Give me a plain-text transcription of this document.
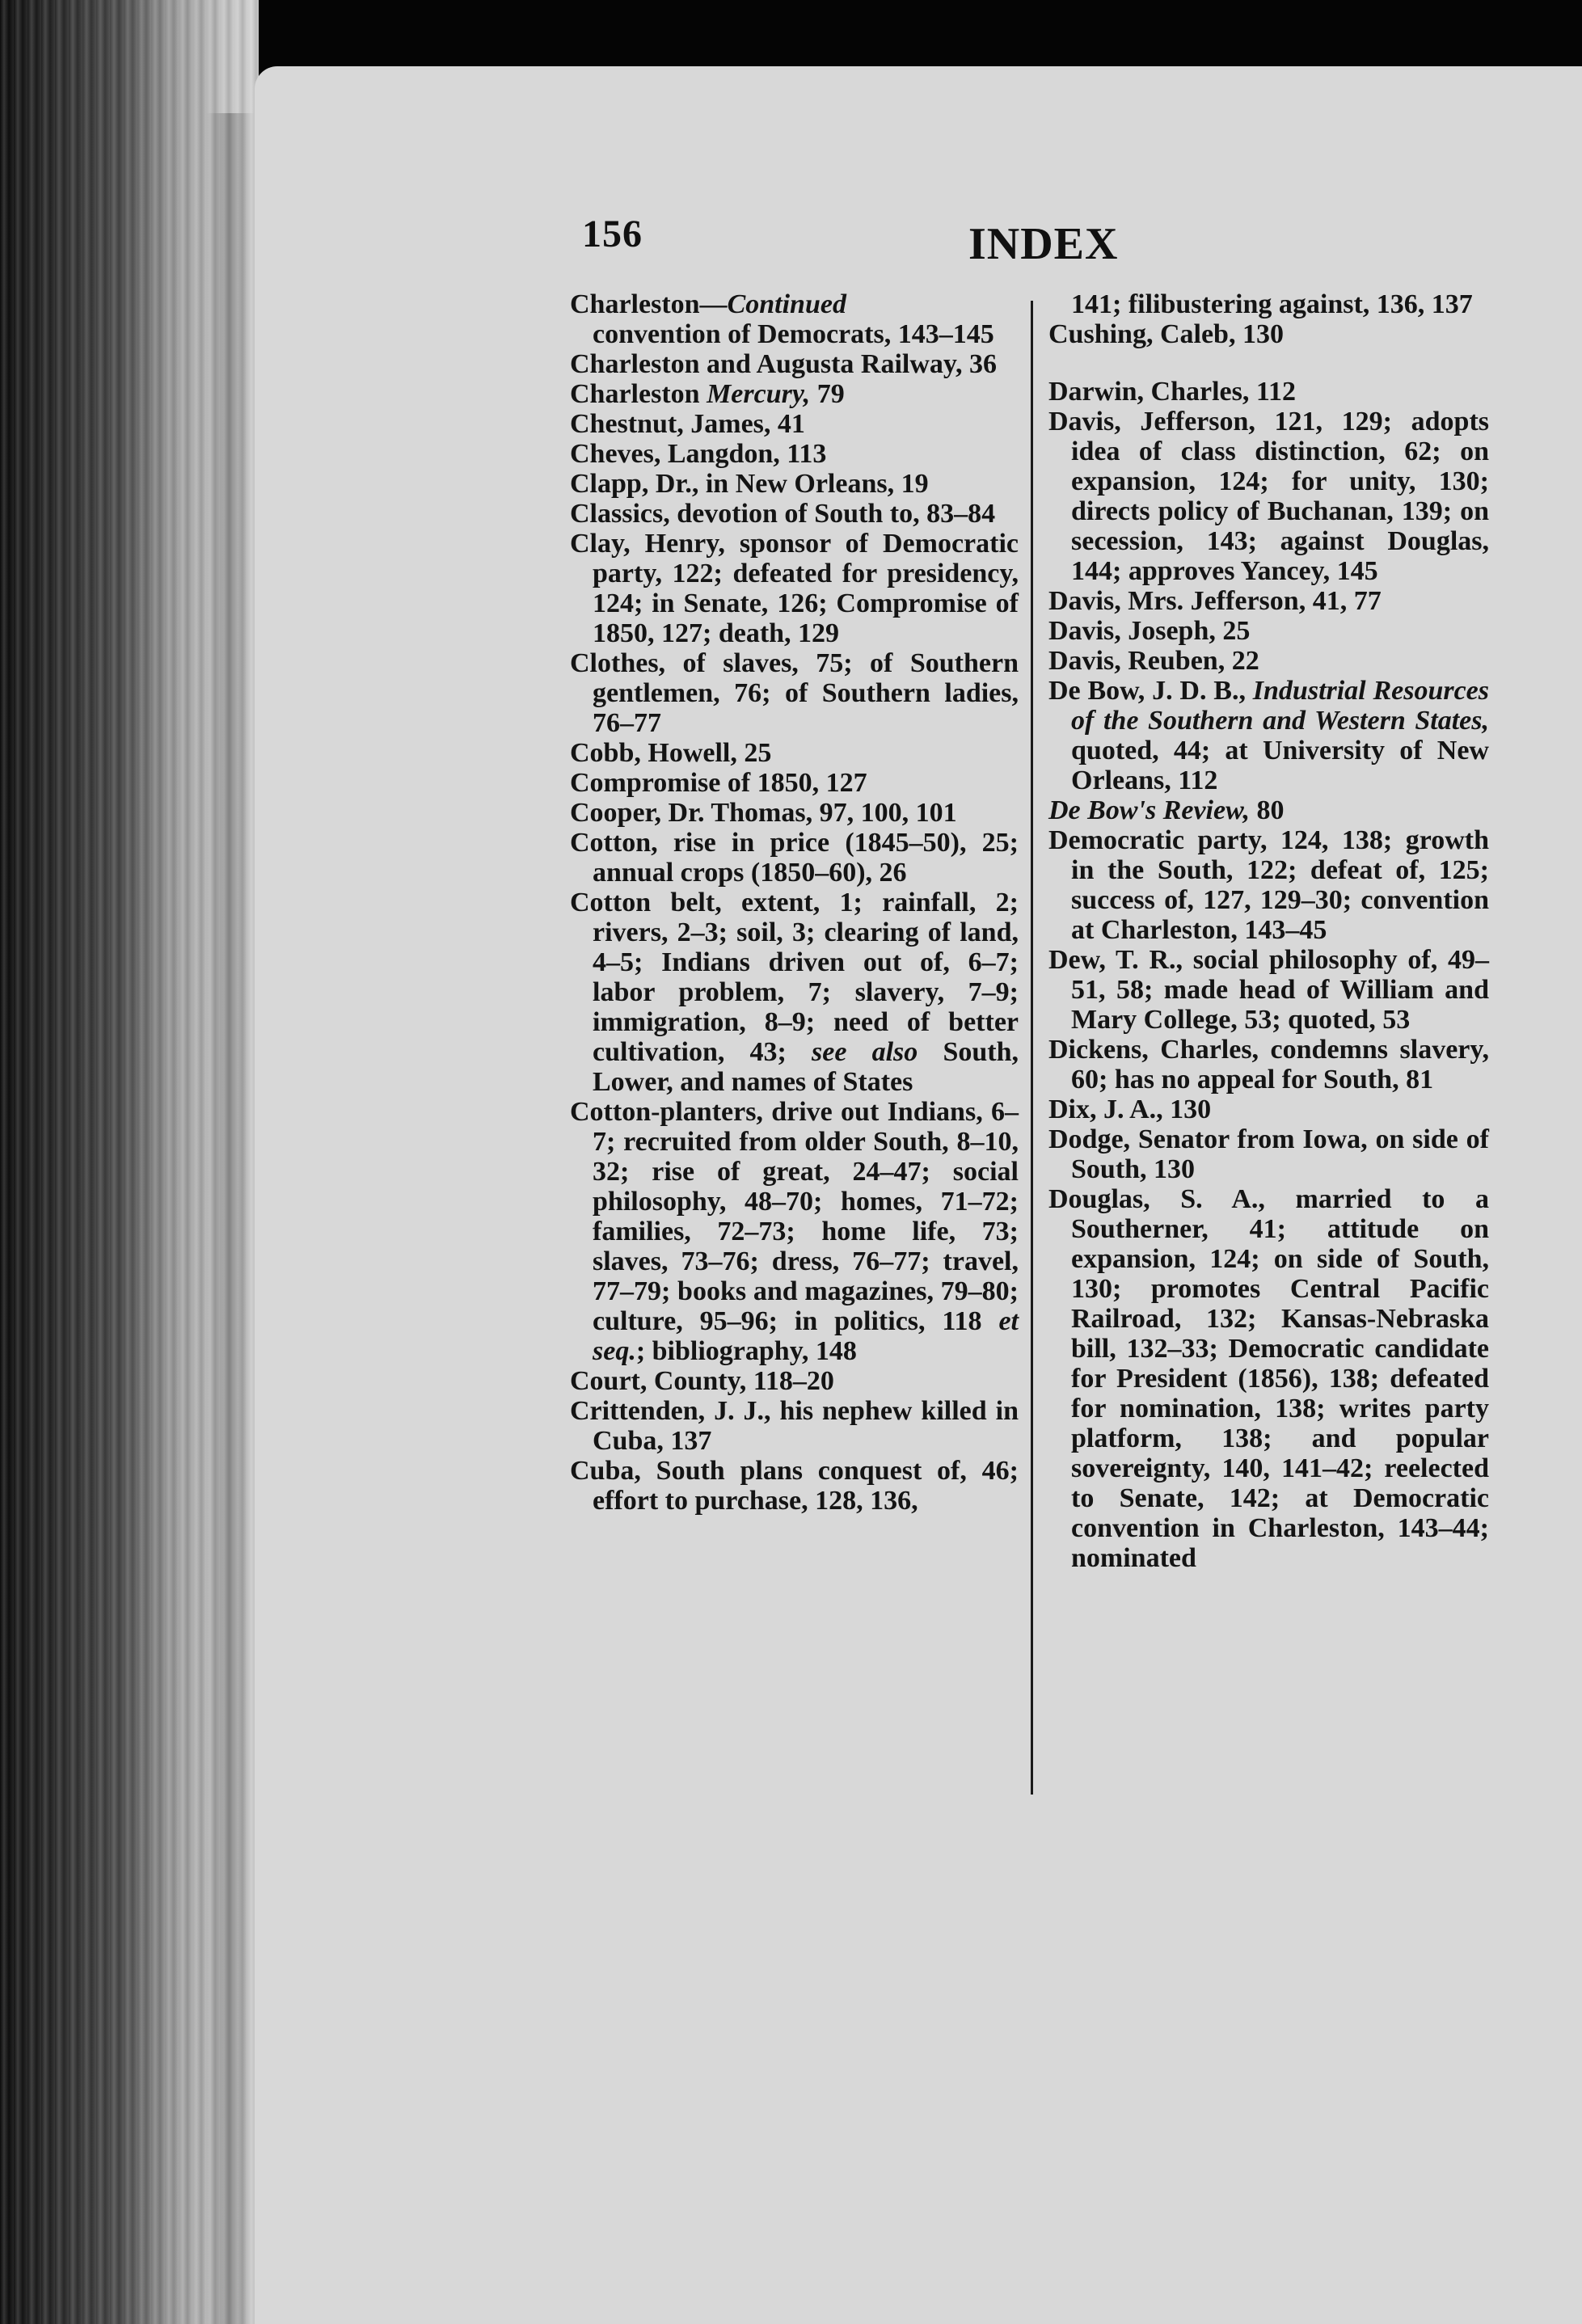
156	INDEX

Charleston—Continued

convention of Democrats, 143–145

Charleston and Augusta Railway, 36

Charleston Mercury, 79

Chestnut, James, 41

Cheves, Langdon, 113

Clapp, Dr., in New Orleans, 19

Classics, devotion of South to, 83–84

Clay, Henry, sponsor of Democratic party, 122; defeated for presidency, 124; in Senate, 126; Compromise of 1850, 127; death, 129

Clothes, of slaves, 75; of Southern gentlemen, 76; of Southern ladies, 76–77

Cobb, Howell, 25

Compromise of 1850, 127

Cooper, Dr. Thomas, 97, 100, 101

Cotton, rise in price (1845–50), 25; annual crops (1850–60), 26

Cotton belt, extent, 1; rainfall, 2; rivers, 2–3; soil, 3; clearing of land, 4–5; Indians driven out of, 6–7; labor problem, 7; slavery, 7–9; immigration, 8–9; need of better cultivation, 43; see also South, Lower, and names of States

Cotton-planters, drive out Indians, 6–7; recruited from older South, 8–10, 32; rise of great, 24–47; social philosophy, 48–70; homes, 71–72; families, 72–73; home life, 73; slaves, 73–76; dress, 76–77; travel, 77–79; books and magazines, 79–80; culture, 95–96; in politics, 118 et seq.; bibliography, 148

Court, County, 118–20

Crittenden, J. J., his nephew killed in Cuba, 137

Cuba, South plans conquest of, 46; effort to purchase, 128, 136,

141; filibustering against, 136, 137

Cushing, Caleb, 130

Darwin, Charles, 112

Davis, Jefferson, 121, 129; adopts idea of class distinction, 62; on expansion, 124; for unity, 130; directs policy of Buchanan, 139; on secession, 143; against Douglas, 144; approves Yancey, 145

Davis, Mrs. Jefferson, 41, 77

Davis, Joseph, 25

Davis, Reuben, 22

De Bow, J. D. B., Industrial Resources of the Southern and Western States, quoted, 44; at University of New Orleans, 112

De Bow's Review, 80

Democratic party, 124, 138; growth in the South, 122; defeat of, 125; success of, 127, 129–30; convention at Charleston, 143–45

Dew, T. R., social philosophy of, 49–51, 58; made head of William and Mary College, 53; quoted, 53

Dickens, Charles, condemns slavery, 60; has no appeal for South, 81

Dix, J. A., 130

Dodge, Senator from Iowa, on side of South, 130

Douglas, S. A., married to a Southerner, 41; attitude on expansion, 124; on side of South, 130; promotes Central Pacific Railroad, 132; Kansas-Nebraska bill, 132–33; Democratic candidate for President (1856), 138; defeated for nomination, 138; writes party platform, 138; and popular sovereignty, 140, 141–42; reelected to Senate, 142; at Democratic convention in Charleston, 143–44; nominated
